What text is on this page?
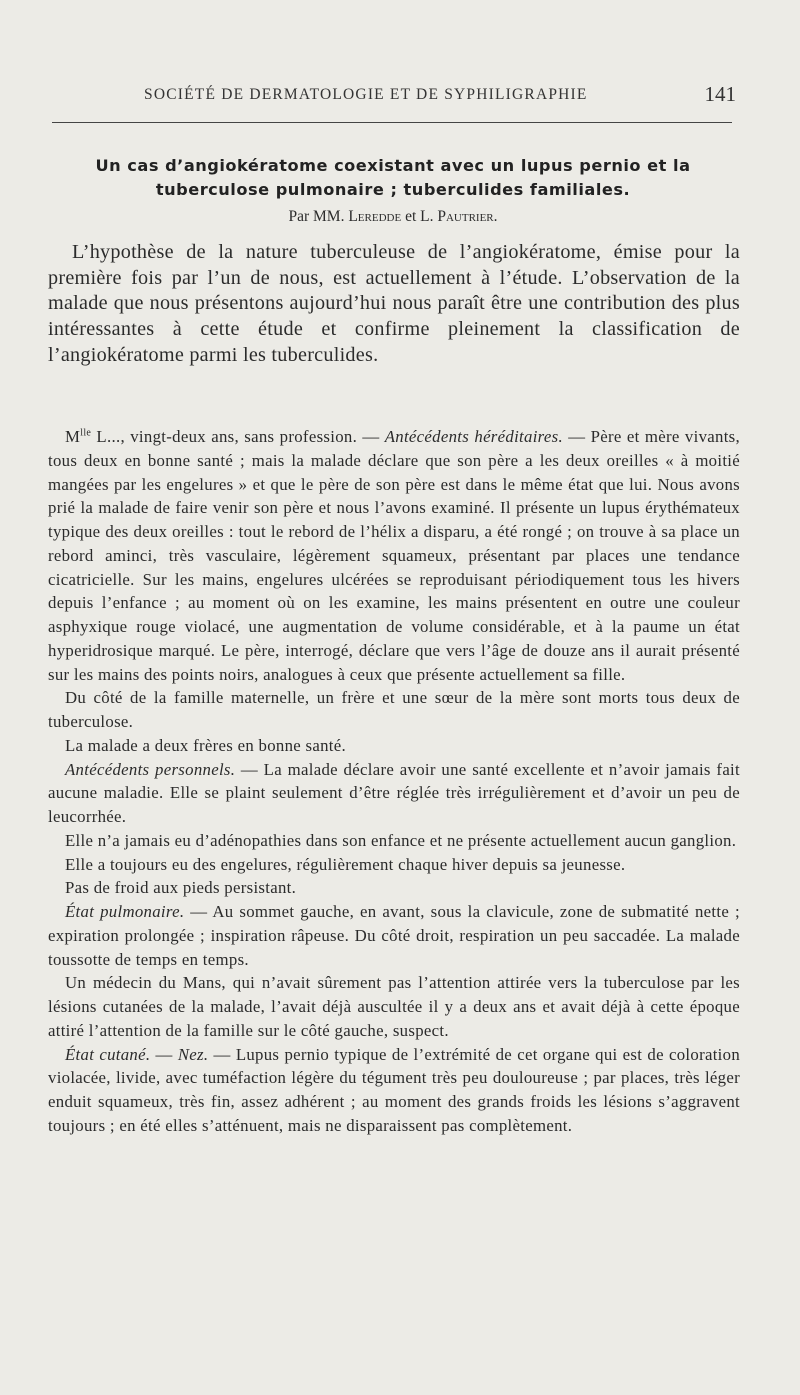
SOCIÉTÉ DE DERMATOLOGIE ET DE SYPHILIGRAPHIE	141
Un cas d’angiokératome coexistant avec un lupus pernio et la
tuberculose pulmonaire ; tuberculides familiales.
Par MM. Leredde et L. Pautrier.

L’hypothèse de la nature tuberculeuse de l’angiokératome, émise pour la première fois par l’un de nous, est actuellement à l’étude. L’observation de la malade que nous présentons aujourd’hui nous paraît être une contribution des plus intéressantes à cette étude et confirme pleinement la classification de l’angiokératome parmi les tuberculides.

$M^{lle}$ L..., vingt-deux ans, sans profession. — Antécédents héréditaires. — Père et mère vivants, tous deux en bonne santé ; mais la malade déclare que son père a les deux oreilles « à moitié mangées par les engelures » et que le père de son père est dans le même état que lui. Nous avons prié la malade de faire venir son père et nous l’avons examiné. Il présente un lupus érythémateux typique des deux oreilles : tout le rebord de l’hélix a disparu, a été rongé ; on trouve à sa place un rebord aminci, très vasculaire, légèrement squameux, présentant par places une tendance cicatricielle. Sur les mains, engelures ulcérées se reproduisant périodiquement tous les hivers depuis l’enfance ; au moment où on les examine, les mains présentent en outre une couleur asphyxique rouge violacé, une augmentation de volume considérable, et à la paume un état hyperidrosique marqué. Le père, interrogé, déclare que vers l’âge de douze ans il aurait présenté sur les mains des points noirs, analogues à ceux que présente actuellement sa fille.

Du côté de la famille maternelle, un frère et une sœur de la mère sont morts tous deux de tuberculose.

La malade a deux frères en bonne santé.

Antécédents personnels. — La malade déclare avoir une santé excellente et n’avoir jamais fait aucune maladie. Elle se plaint seulement d’être réglée très irrégulièrement et d’avoir un peu de leucorrhée.

Elle n’a jamais eu d’adénopathies dans son enfance et ne présente actuellement aucun ganglion.

Elle a toujours eu des engelures, régulièrement chaque hiver depuis sa jeunesse.

Pas de froid aux pieds persistant.

État pulmonaire. — Au sommet gauche, en avant, sous la clavicule, zone de submatité nette ; expiration prolongée ; inspiration râpeuse. Du côté droit, respiration un peu saccadée. La malade toussotte de temps en temps.

Un médecin du Mans, qui n’avait sûrement pas l’attention attirée vers la tuberculose par les lésions cutanées de la malade, l’avait déjà auscultée il y a deux ans et avait déjà à cette époque attiré l’attention de la famille sur le côté gauche, suspect.

État cutané. — Nez. — Lupus pernio typique de l’extrémité de cet organe qui est de coloration violacée, livide, avec tuméfaction légère du tégument très peu douloureuse ; par places, très léger enduit squameux, très fin, assez adhérent ; au moment des grands froids les lésions s’aggravent toujours ; en été elles s’atténuent, mais ne disparaissent pas complètement.
